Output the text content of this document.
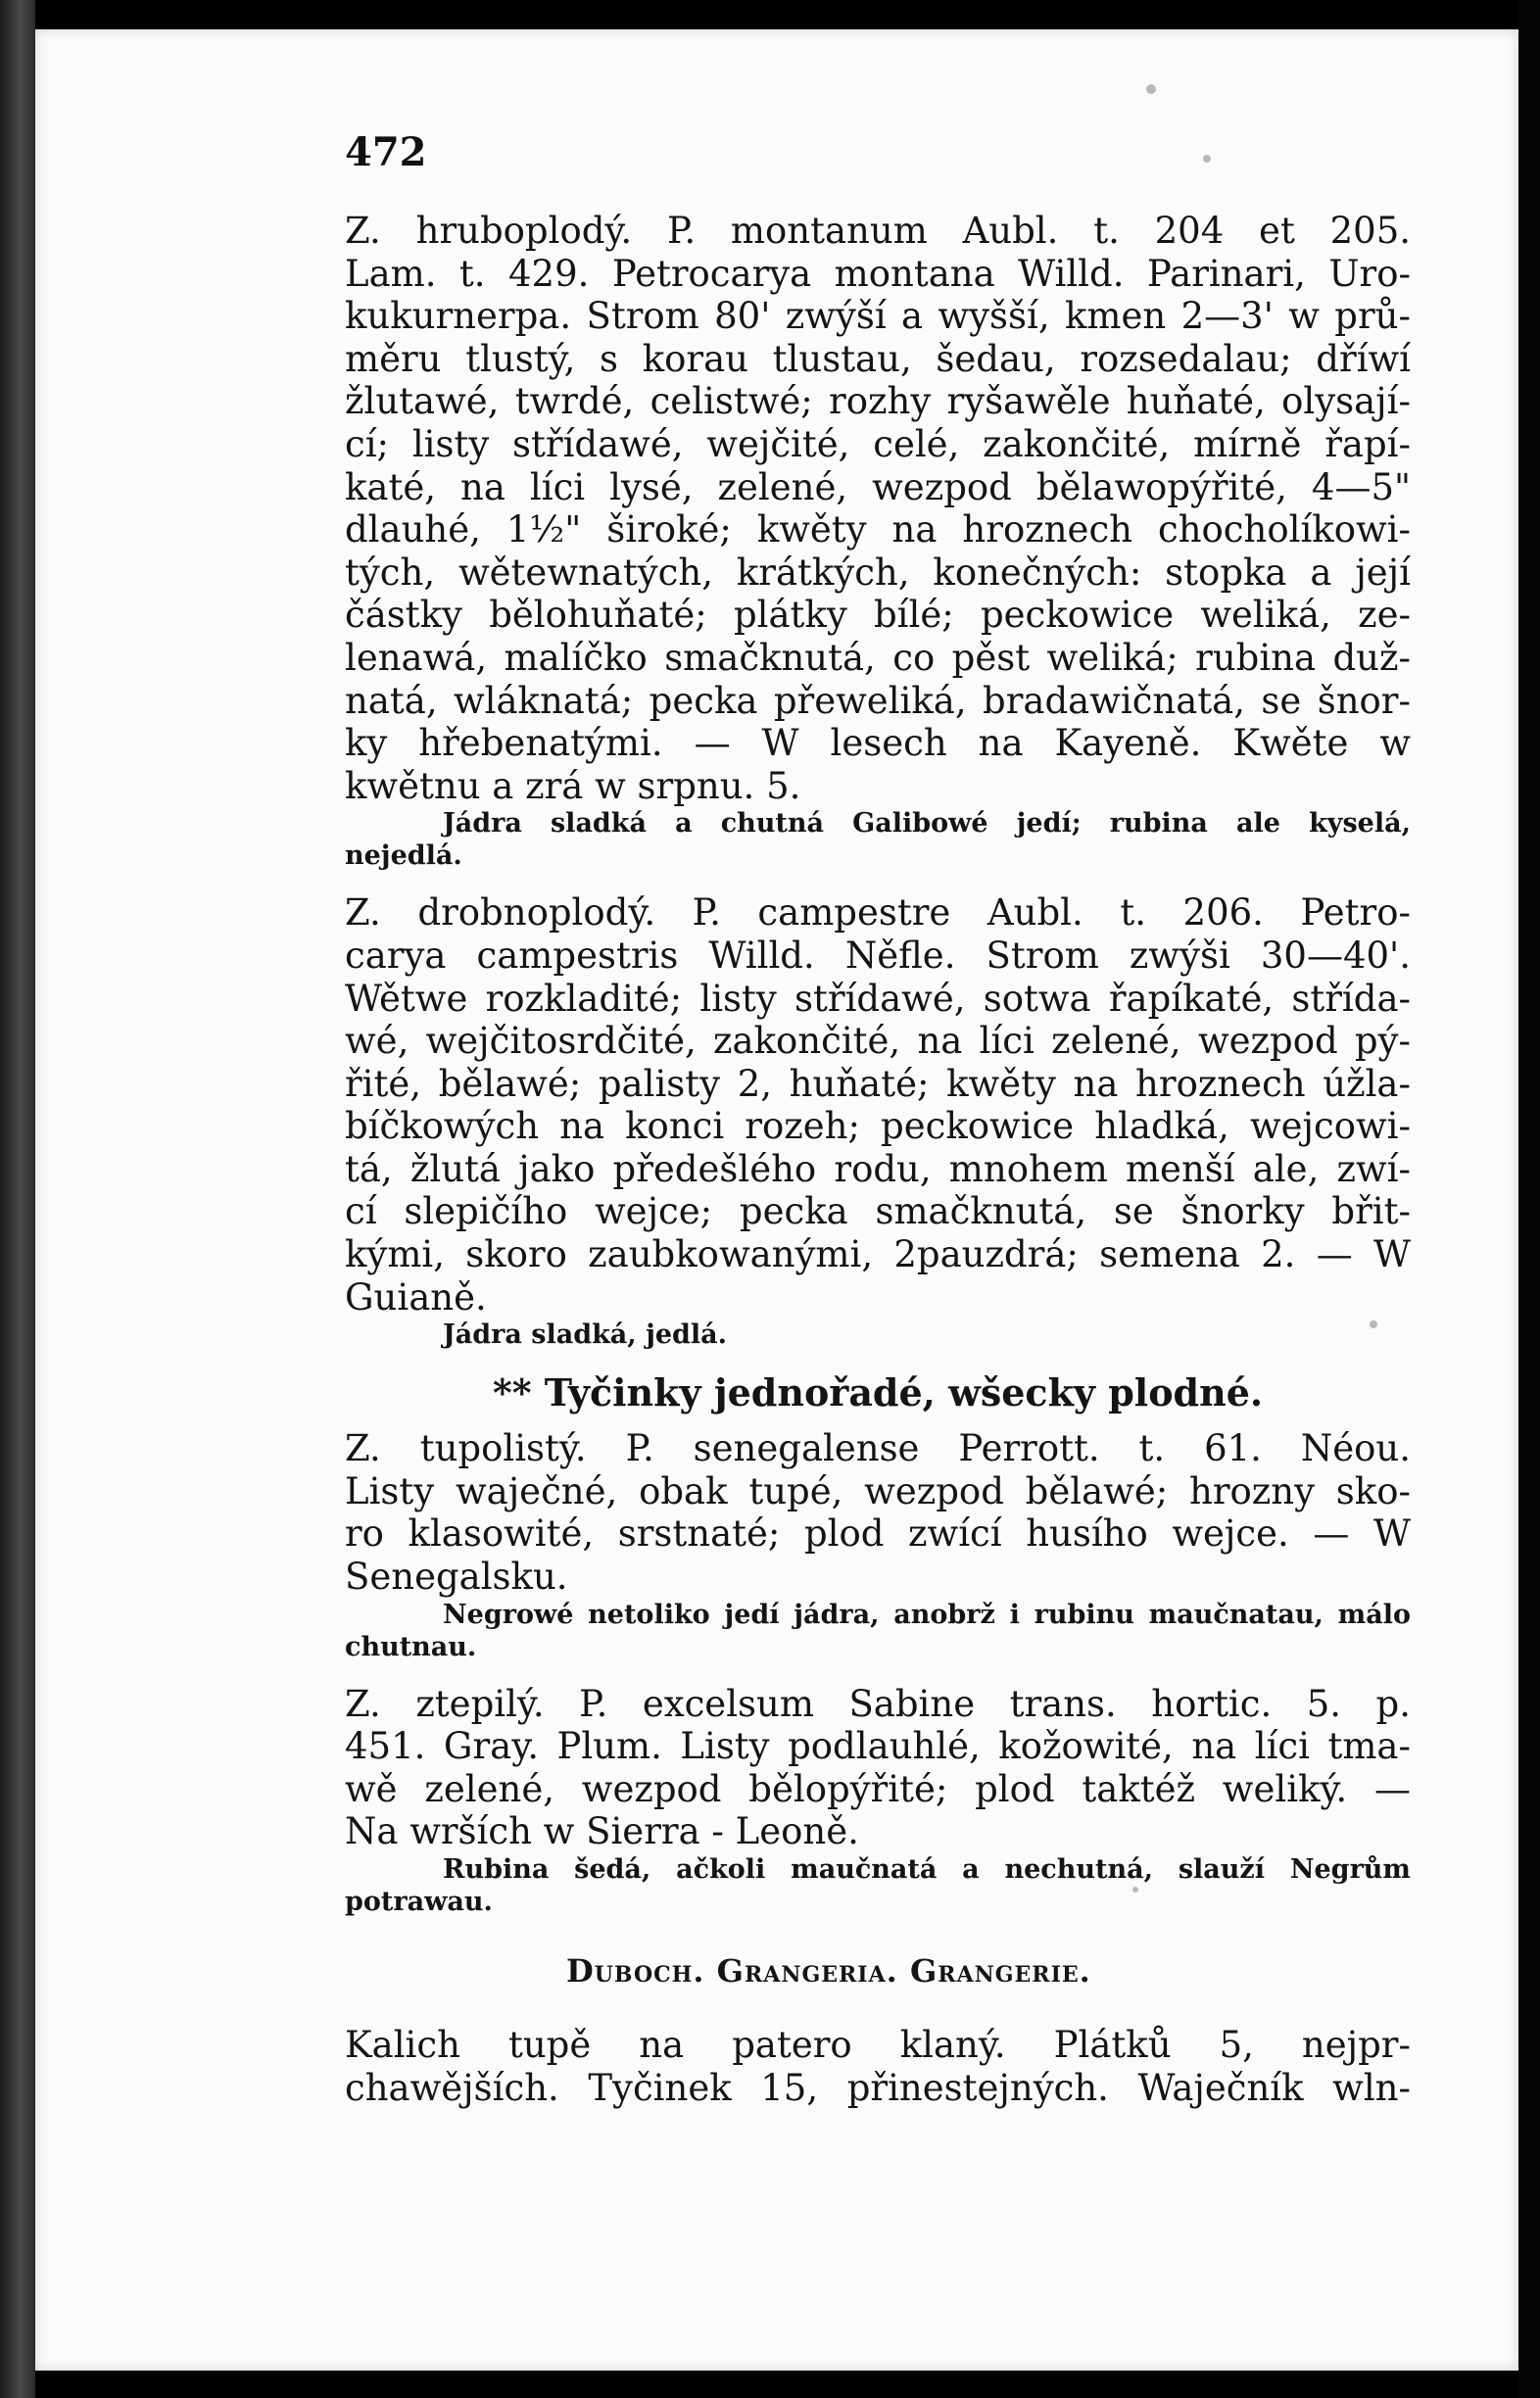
472
Z. hruboplodý. P. montanum Aubl. t. 204 et 205.
Lam. t. 429. Petrocarya montana Willd. Parinari, Uro-
kukurnerpa. Strom 80' zwýší a wyšší, kmen 2—3' w prů-
měru tlustý, s korau tlustau, šedau, rozsedalau; dříwí
žlutawé, twrdé, celistwé; rozhy ryšawěle huňaté, olysají-
cí; listy střídawé, wejčité, celé, zakončité, mírně řapí-
katé, na líci lysé, zelené, wezpod bělawopýřité, 4—5"
dlauhé, 1½" široké; kwěty na hroznech chocholíkowi-
tých, wětewnatých, krátkých, konečných: stopka a její
částky bělohuňaté; plátky bílé; peckowice weliká, ze-
lenawá, malíčko smačknutá, co pěst weliká; rubina duž-
natá, wláknatá; pecka přeweliká, bradawičnatá, se šnor-
ky hřebenatými. — W lesech na Kayeně. Kwěte w
kwětnu a zrá w srpnu. 5.
Jádra sladká a chutná Galibowé jedí; rubina ale kyselá,
nejedlá.
Z. drobnoplodý. P. campestre Aubl. t. 206. Petro-
carya campestris Willd. Něfle. Strom zwýši 30—40'.
Wětwe rozkladité; listy střídawé, sotwa řapíkaté, střída-
wé, wejčitosrdčité, zakončité, na líci zelené, wezpod pý-
řité, bělawé; palisty 2, huňaté; kwěty na hroznech úžla-
bíčkowých na konci rozeh; peckowice hladká, wejcowi-
tá, žlutá jako předešlého rodu, mnohem menší ale, zwí-
cí slepičího wejce; pecka smačknutá, se šnorky břit-
kými, skoro zaubkowanými, 2pauzdrá; semena 2. — W
Guianě.
Jádra sladká, jedlá.
** Tyčinky jednořadé, wšecky plodné.
Z. tupolistý. P. senegalense Perrott. t. 61. Néou.
Listy waječné, obak tupé, wezpod bělawé; hrozny sko-
ro klasowité, srstnaté; plod zwící husího wejce. — W
Senegalsku.
Negrowé netoliko jedí jádra, anobrž i rubinu maučnatau, málo
chutnau.
Z. ztepilý. P. excelsum Sabine trans. hortic. 5. p.
451. Gray. Plum. Listy podlauhlé, kožowité, na líci tma-
wě zelené, wezpod bělopýřité; plod taktéž weliký. —
Na wrších w Sierra - Leoně.
Rubina šedá, ačkoli maučnatá a nechutná, slauží Negrům
potrawau.
Duboch. Grangeria. Grangerie.
Kalich tupě na patero klaný. Plátků 5, nejpr-
chawějších. Tyčinek 15, přinestejných. Waječník wln-
